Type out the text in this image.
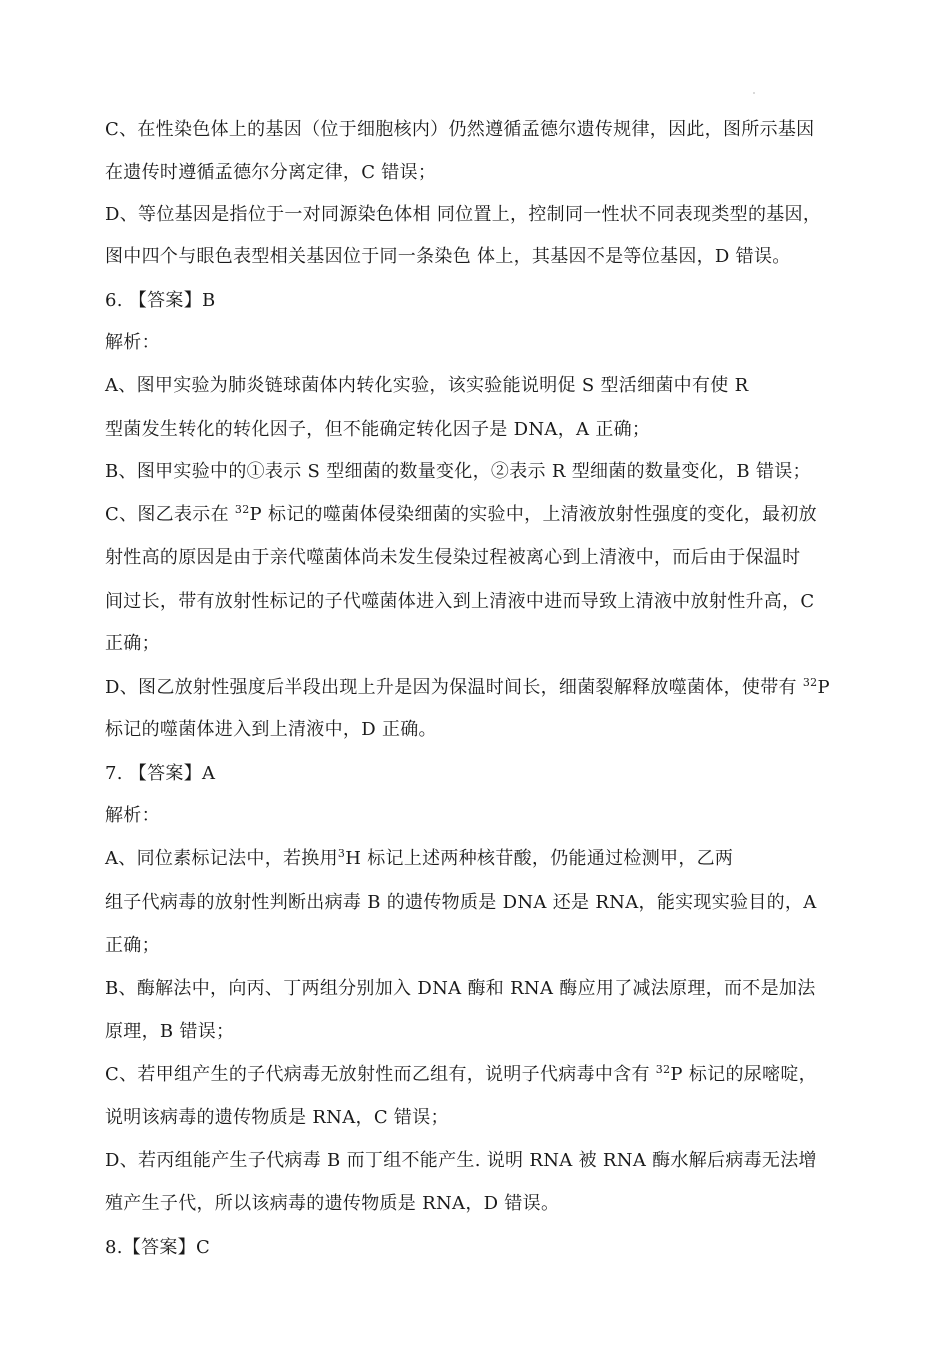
C、在性染色体上的基因（位于细胞核内）仍然遵循孟德尔遗传规律，因此，图所示基因
在遗传时遵循孟德尔分离定律，C 错误；
D、等位基因是指位于一对同源染色体相 同位置上，控制同一性状不同表现类型的基因，
图中四个与眼色表型相关基因位于同一条染色 体上，其基因不是等位基因，D 错误。
6. 【答案】B
解析：
A、图甲实验为肺炎链球菌体内转化实验，该实验能说明促 S 型活细菌中有使 R
型菌发生转化的转化因子，但不能确定转化因子是 DNA，A 正确；
B、图甲实验中的①表示 S 型细菌的数量变化，②表示 R 型细菌的数量变化，B 错误；
C、图乙表示在 $^{32}$P 标记的噬菌体侵染细菌的实验中，上清液放射性强度的变化，最初放
射性高的原因是由于亲代噬菌体尚未发生侵染过程被离心到上清液中，而后由于保温时
间过长，带有放射性标记的子代噬菌体进入到上清液中进而导致上清液中放射性升高，C
正确；
D、图乙放射性强度后半段出现上升是因为保温时间长，细菌裂解释放噬菌体，使带有 $^{32}$P
标记的噬菌体进入到上清液中，D 正确。
7. 【答案】A
解析：
A、同位素标记法中，若换用$^3$H 标记上述两种核苷酸，仍能通过检测甲，乙两
组子代病毒的放射性判断出病毒 B 的遗传物质是 DNA 还是 RNA，能实现实验目的，A
正确；
B、酶解法中，向丙、丁两组分别加入 DNA 酶和 RNA 酶应用了减法原理，而不是加法
原理，B 错误；
C、若甲组产生的子代病毒无放射性而乙组有，说明子代病毒中含有 $^{32}$P 标记的尿嘧啶，
说明该病毒的遗传物质是 RNA，C 错误；
D、若丙组能产生子代病毒 B 而丁组不能产生. 说明 RNA 被 RNA 酶水解后病毒无法增
殖产生子代，所以该病毒的遗传物质是 RNA，D 错误。
8.【答案】C
